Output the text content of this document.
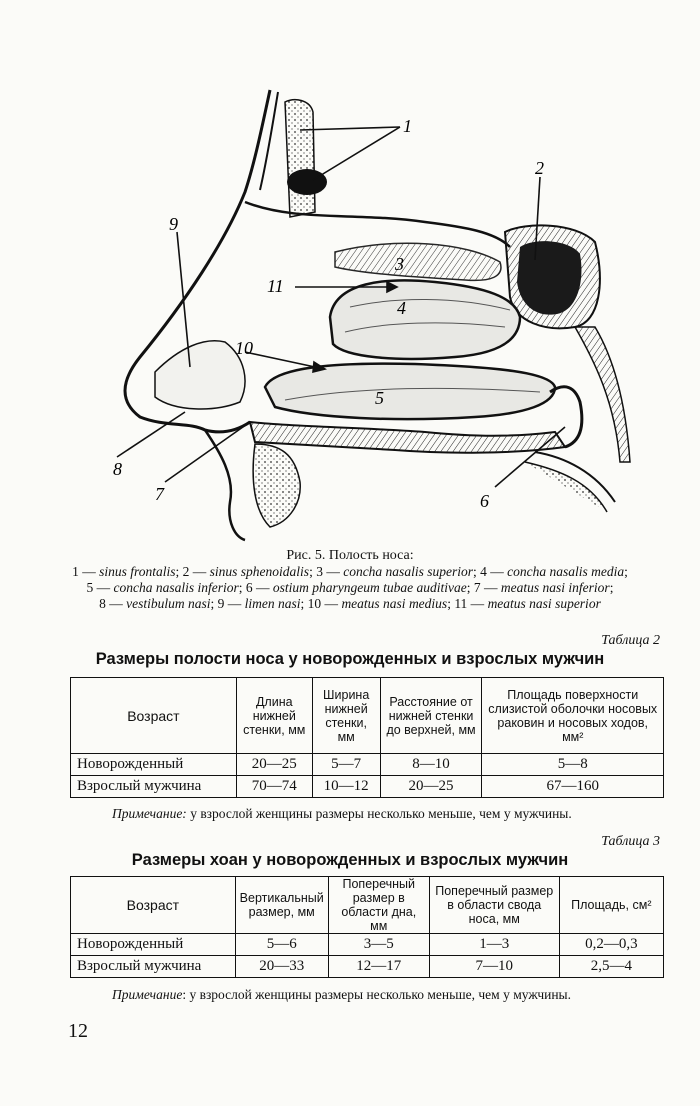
1
2
3
4
5
6
7
8
9
10
11
Рис. 5. Полость носа:
1 — sinus frontalis; 2 — sinus sphenoidalis; 3 — concha nasalis superior; 4 — concha nasalis media;
5 — concha nasalis inferior; 6 — ostium pharyngeum tubae auditivae; 7 — meatus nasi inferior;
8 — vestibulum nasi; 9 — limen nasi; 10 — meatus nasi medius; 11 — meatus nasi superior
Таблица 2
Размеры полости носа у новорожденных и взрослых мужчин
Возраст	Длина нижней стенки, мм	Ширина нижней стенки, мм	Расстояние от нижней стенки до верхней, мм	Площадь поверхности слизистой оболочки носовых раковин и носовых ходов, мм²
Новорожденный	20—25	5—7	8—10	5—8
Взрослый мужчина	70—74	10—12	20—25	67—160
Примечание: у взрослой женщины размеры несколько меньше, чем у мужчины.
Таблица 3
Размеры хоан у новорожденных и взрослых мужчин
Возраст	Вертикальный размер, мм	Поперечный размер в области дна, мм	Поперечный размер в области свода носа, мм	Площадь, см²
Новорожденный	5—6	3—5	1—3	0,2—0,3
Взрослый мужчина	20—33	12—17	7—10	2,5—4
Примечание: у взрослой женщины размеры несколько меньше, чем у мужчины.
12
